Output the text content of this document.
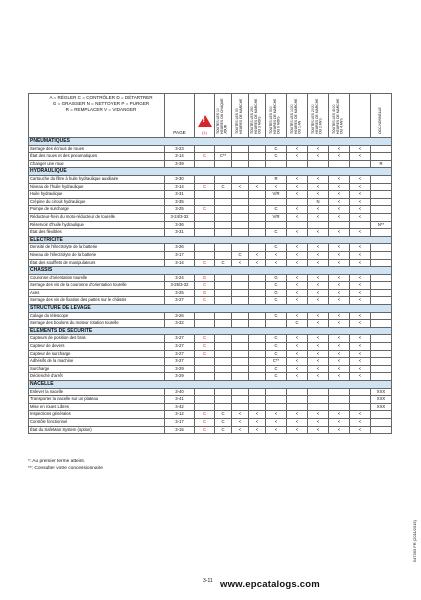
	PAGE	!
(1)	TOUTES LES 10 HEURES OU CHAQUE JOUR	TOUTES LES 50 HEURES DE MARCHE	TOUTES LES 250 HEURES DE MARCHE OU 3 MOIS	TOUTES LES 500 HEURES DE MARCHE OU 6 MOIS	TOUTES LES 1000 HEURES DE MARCHE OU 1 AN	TOUTES LES 2000 HEURES DE MARCHE OU 2 ANS	TOUTES LES 4000 HEURES DE MARCHE OU 4 ANS		OCC.NONNELLE
PNEUMATIQUES											
Serrage des écrous de roues	3-23					C	<	<	<	<	
État des roues et des pneumatiques	3-14	C	C**			C	<	<	<	<	
Changer une roue	3-39										R
HYDRAULIQUE											
Cartouche du filtre à huile hydraulique auxiliaire	3-30					R	<	<	<	<	
Niveau de l'huile hydraulique	3-14	C	C	<	<	<	<	<	<	<	
Huile hydraulique	3-31					V/R	<	<	<	<	
Crépine du circuit hydraulique	3-35							N	<	<	
Pompe de surcharge	3-25	C				C	<	<	<	<	
Réducteur-frein du moto-réducteur de tourelle	3-24/3-32					V/R	<	<	<	<	
Réservoir d'huile hydraulique	3-36										N**
État des flexibles	3-31					C	<	<	<	<	
ÉLECTRICITÉ											
Densité de l'électrolyte de la batterie	3-26					C	<	<	<	<	
Niveau de l'électrolyte de la batterie	3-17			C	<	<	<	<	<	<	
État des soufflets de manipulateurs	3-14	C	C	<	<	<	<	<	<	<	
CHÂSSIS											
Couronne d'orientation tourelle	3-24	G				G	<	<	<	<	
Serrage des vis de la couronne d'orientation tourelle	3-26/3-32	C				C	<	<	<	<	
Axes	3-25	G				G	<	<	<	<	
Serrage des vis de fixation des pattes sur le châssis	3-27	C				C	<	<	<	<	
STRUCTURE DE LEVAGE											
Calage du télescope	3-26					C	<	<	<	<	
Serrage des boulons du moteur rotation tourelle	3-32						C	<	<	<	
ÉLÉMENTS DE SÉCURITÉ											
Capteurs de position des bras	3-27	C				C	<	<	<	<	
Capteur de devers	3-27	C				C	<	<	<	<	
Capteur de surcharge	3-27	C				C	<	<	<	<	
Adhésifs de la machine	3-27					C**	<	<	<	<	
Surcharge	3-29					C	<	<	<	<	
Déclenché d'arrêt	3-29					C	<	<	<	<	
NACELLE											
Enlever la nacelle	3-40										XXX
Transporter la nacelle sur un plateau	3-41										XXX
Mise en roues Libres	3-42										XXX
Inspections générales	3-12	C	C	<	<	<	<	<	<	<	
Contrôle fonctionnel	3-17	C	C	<	<	<	<	<	<	<	
État du SafeMan System (option)	3-15	C	C	<	<	<	<	<	<	<	
A = RÉGLER C = CONTRÔLER D = DÉTARTRER
G = GRAISSER N = NETTOYER P = PURGER
R = REMPLACER V = VIDANGER
*: Au premier terme atteint.
**: Consulter votre concessionnaire
3-11 www.epcatalogs.com
547393 FR (2011/2015)
